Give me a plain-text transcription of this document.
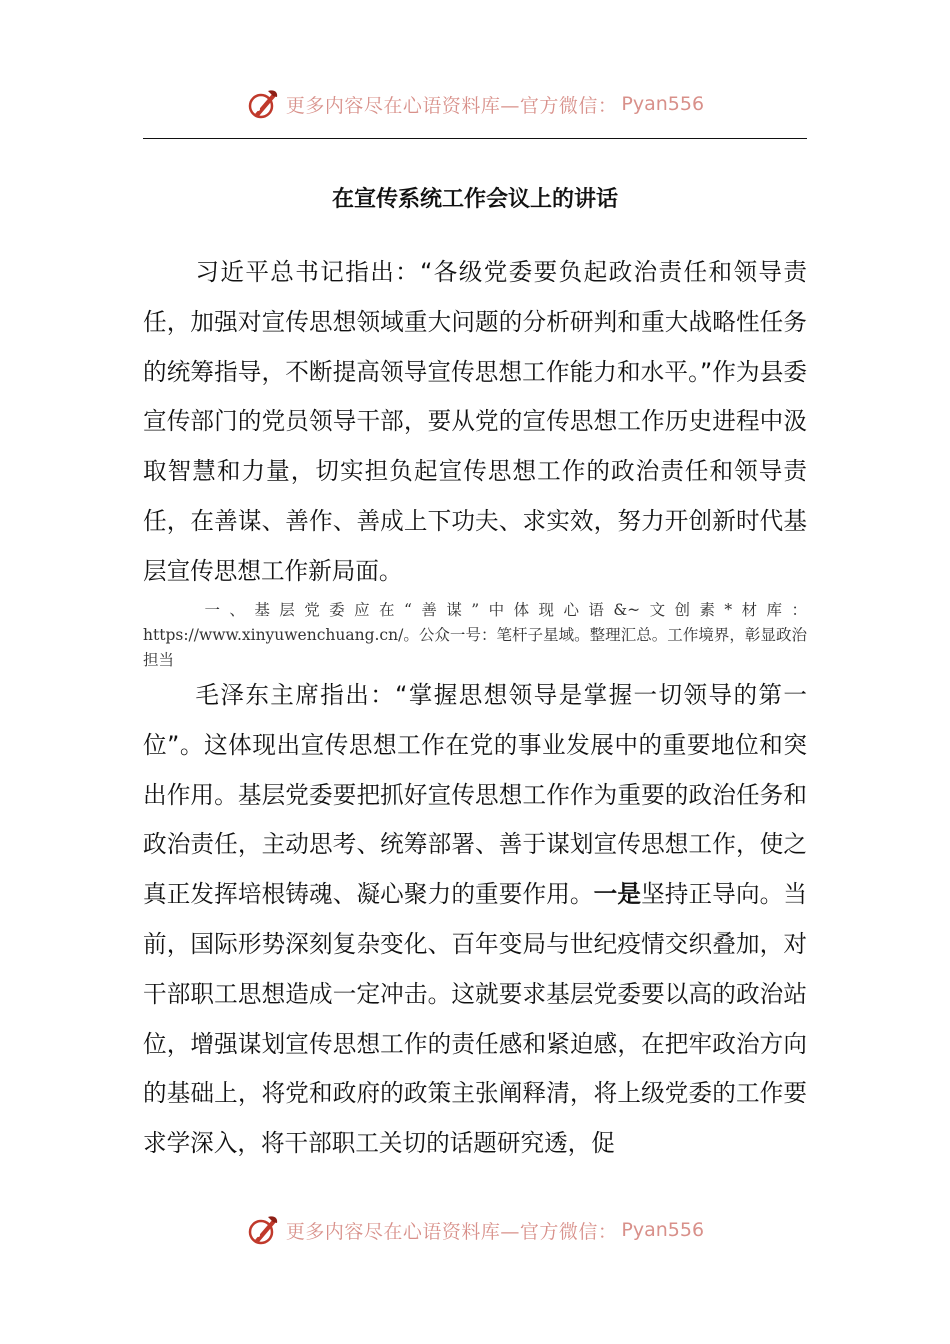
更多内容尽在心语资料库—官方微信： Pyan556
在宣传系统工作会议上的讲话
习近平总书记指出：“各级党委要负起政治责任和领导责任，加强对宣传思想领域重大问题的分析研判和重大战略性任务的统筹指导，不断提高领导宣传思想工作能力和水平。”作为县委宣传部门的党员领导干部，要从党的宣传思想工作历史进程中汲取智慧和力量，切实担负起宣传思想工作的政治责任和领导责任，在善谋、善作、善成上下功夫、求实效，努力开创新时代基层宣传思想工作新局面。
一、基层党委应在“善谋”中体现心语&~文创素*材库：https://www.xinyuwenchuang.cn/。公众一号：笔杆子星域。整理汇总。工作境界，彰显政治担当
毛泽东主席指出：“掌握思想领导是掌握一切领导的第一位”。这体现出宣传思想工作在党的事业发展中的重要地位和突出作用。基层党委要把抓好宣传思想工作作为重要的政治任务和政治责任，主动思考、统筹部署、善于谋划宣传思想工作，使之真正发挥培根铸魂、凝心聚力的重要作用。一是坚持正导向。当前，国际形势深刻复杂变化、百年变局与世纪疫情交织叠加，对干部职工思想造成一定冲击。这就要求基层党委要以高的政治站位，增强谋划宣传思想工作的责任感和紧迫感，在把牢政治方向的基础上，将党和政府的政策主张阐释清，将上级党委的工作要求学深入，将干部职工关切的话题研究透，促
更多内容尽在心语资料库—官方微信： Pyan556
